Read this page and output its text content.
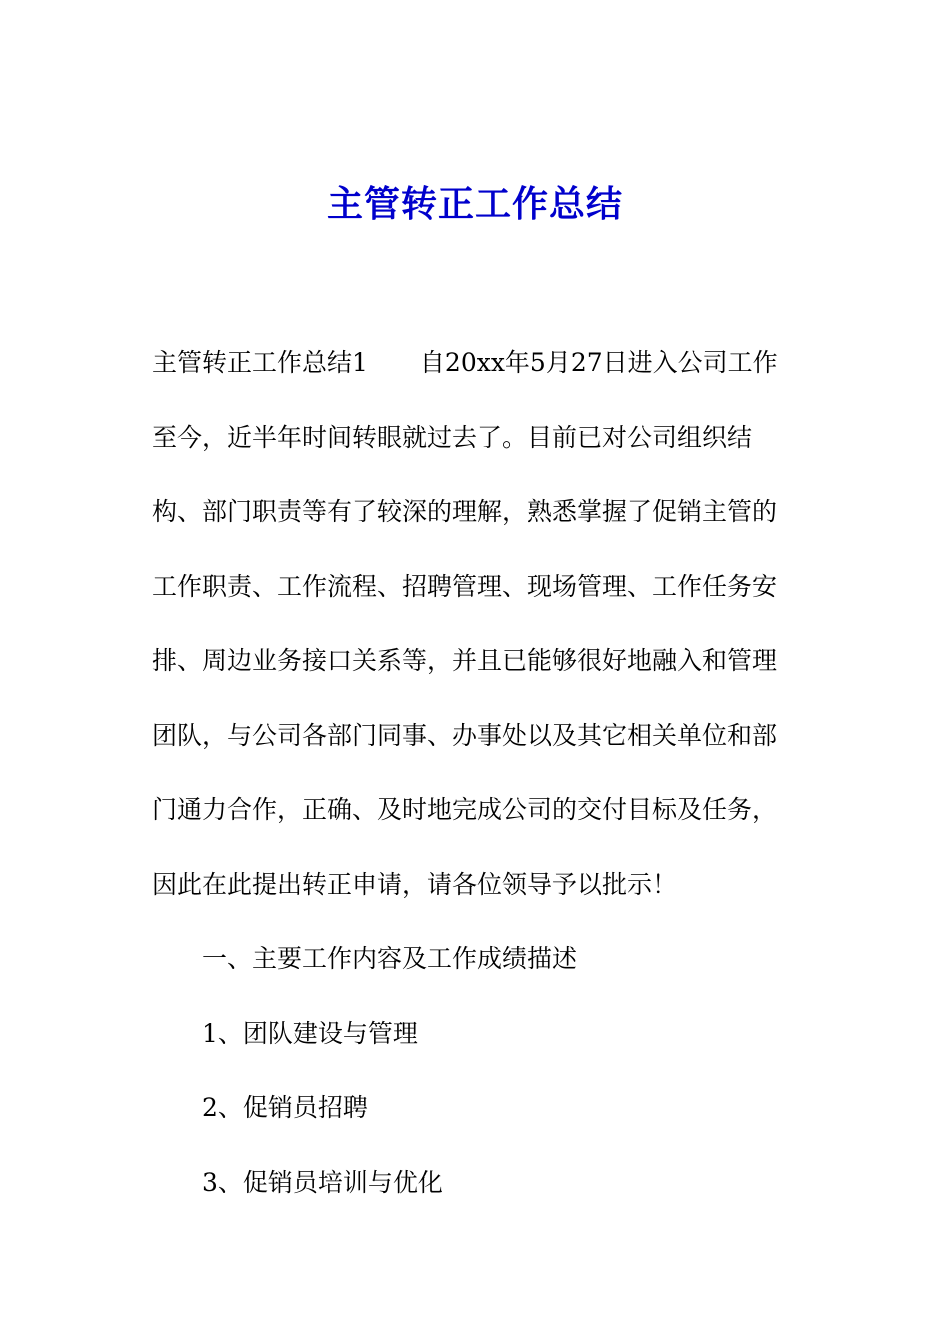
主管转正工作总结
主管转正工作总结1 自20xx年5月27日进入公司工作
至今，近半年时间转眼就过去了。目前已对公司组织结
构、部门职责等有了较深的理解，熟悉掌握了促销主管的
工作职责、工作流程、招聘管理、现场管理、工作任务安
排、周边业务接口关系等，并且已能够很好地融入和管理
团队，与公司各部门同事、办事处以及其它相关单位和部
门通力合作，正确、及时地完成公司的交付目标及任务，
因此在此提出转正申请，请各位领导予以批示！
一、主要工作内容及工作成绩描述
1、团队建设与管理
2、促销员招聘
3、促销员培训与优化
